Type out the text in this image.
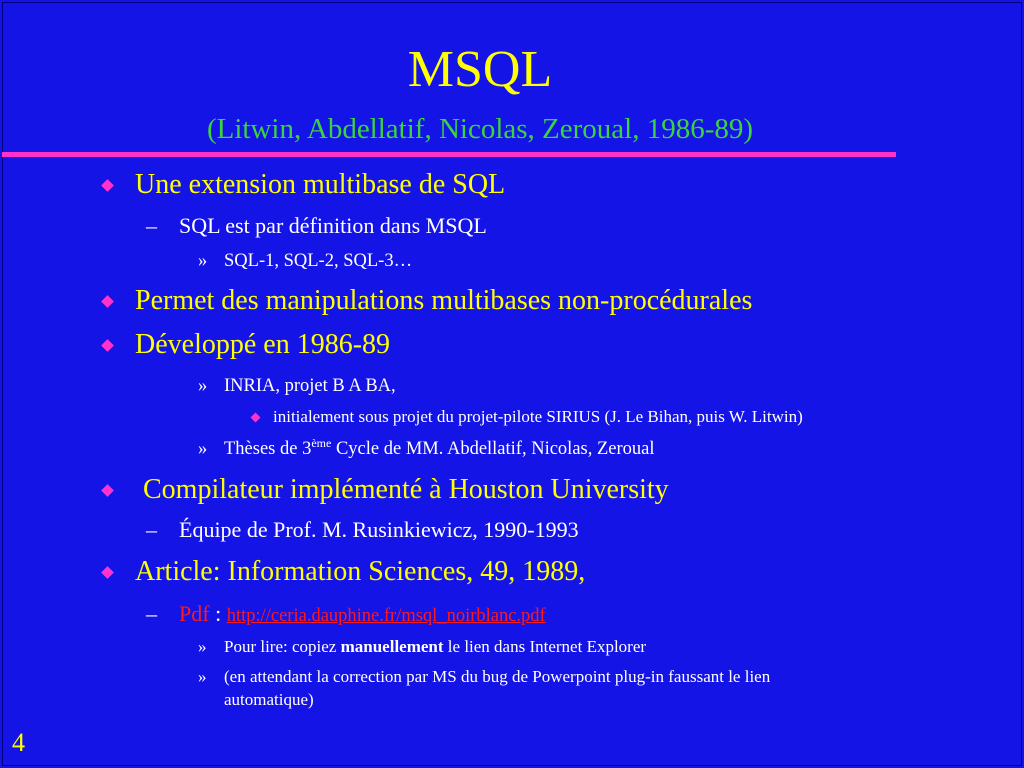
MSQL
(Litwin, Abdellatif, Nicolas, Zeroual, 1986-89)
Une extension multibase de SQL
– SQL est par définition dans MSQL
» SQL-1, SQL-2, SQL-3…
Permet des manipulations multibases non-procédurales
Développé en 1986-89
» INRIA, projet B A BA,
initialement sous projet du projet-pilote SIRIUS (J. Le Bihan, puis W. Litwin)
» Thèses de 3ème Cycle de MM. Abdellatif, Nicolas, Zeroual
Compilateur implémenté à Houston University
– Équipe de Prof. M. Rusinkiewicz, 1990-1993
Article: Information Sciences, 49, 1989,
– Pdf : http://ceria.dauphine.fr/msql_noirblanc.pdf
» Pour lire: copiez manuellement le lien dans Internet Explorer
» (en attendant la correction par MS du bug de Powerpoint plug-in faussant le lien
automatique)
4
